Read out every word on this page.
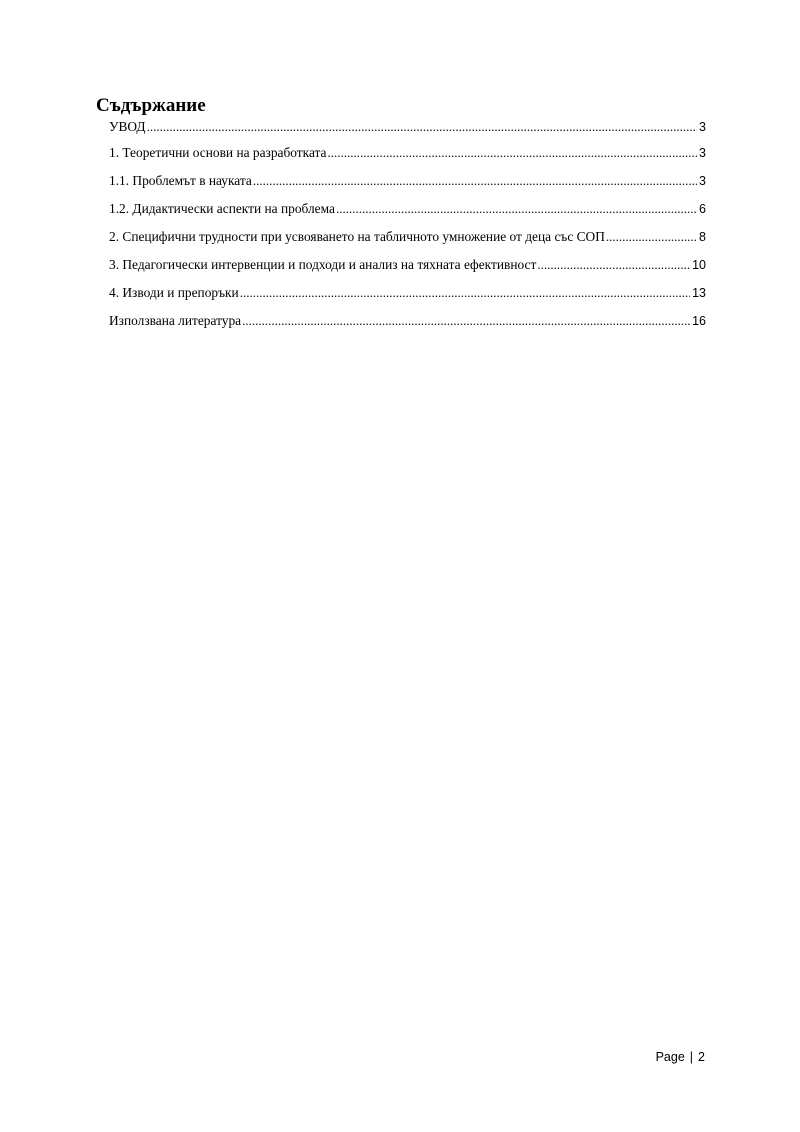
Съдържание
УВОД .....	3
1. Теоретични основи на разработката .....	3
1.1. Проблемът в науката .....	3
1.2. Дидактически аспекти на проблема .....	6
2. Специфични трудности при усвояването на табличното умножение от деца със СОП .....	8
3. Педагогически интервенции и подходи и анализ на тяхната ефективност .....	10
4. Изводи и препоръки .....	13
Използвана литература .....	16
Page | 2
